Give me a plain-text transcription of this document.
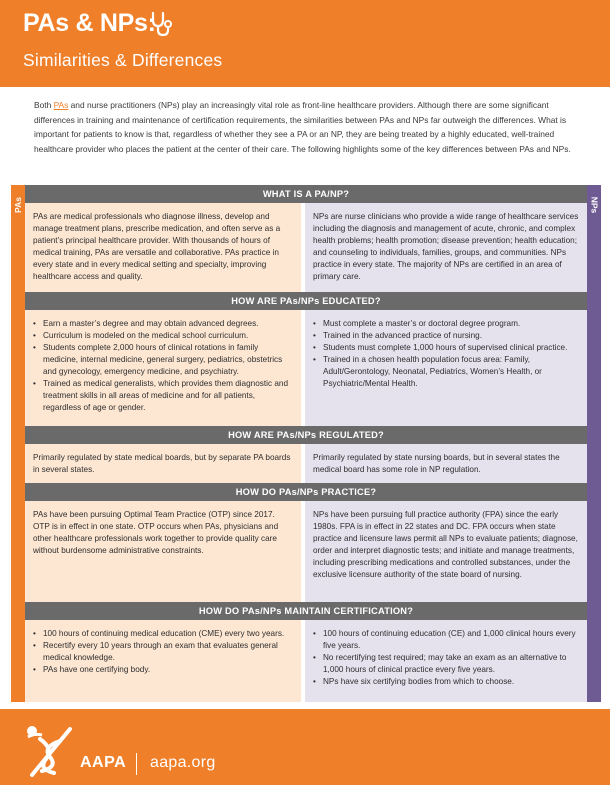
PAs & NPs:
Similarities & Differences

Both PAs and nurse practitioners (NPs) play an increasingly vital role as front-line healthcare providers. Although there are some significant differences in training and maintenance of certification requirements, the similarities between PAs and NPs far outweigh the differences. What is important for patients to know is that, regardless of whether they see a PA or an NP, they are being treated by a highly educated, well-trained healthcare provider who places the patient at the center of their care. The following highlights some of the key differences between PAs and NPs.

PAs	NPs
WHAT IS A PA/NP?
PAs are medical professionals who diagnose illness, develop and manage treatment plans, prescribe medication, and often serve as a patient’s principal healthcare provider. With thousands of hours of medical training, PAs are versatile and collaborative. PAs practice in every state and in every medical setting and specialty, improving healthcare access and quality.
NPs are nurse clinicians who provide a wide range of healthcare services including the diagnosis and management of acute, chronic, and complex health problems; health promotion; disease prevention; health education; and counseling to individuals, families, groups, and communities. NPs practice in every state. The majority of NPs are certified in an area of primary care.
HOW ARE PAs/NPs EDUCATED?
• Earn a master’s degree and may obtain advanced degrees.
• Curriculum is modeled on the medical school curriculum.
• Students complete 2,000 hours of clinical rotations in family medicine, internal medicine, general surgery, pediatrics, obstetrics and gynecology, emergency medicine, and psychiatry.
• Trained as medical generalists, which provides them diagnostic and treatment skills in all areas of medicine and for all patients, regardless of age or gender.
• Must complete a master’s or doctoral degree program.
• Trained in the advanced practice of nursing.
• Students must complete 1,000 hours of supervised clinical practice.
• Trained in a chosen health population focus area: Family, Adult/Gerontology, Neonatal, Pediatrics, Women’s Health, or Psychiatric/Mental Health.
HOW ARE PAs/NPs REGULATED?
Primarily regulated by state medical boards, but by separate PA boards in several states.
Primarily regulated by state nursing boards, but in several states the medical board has some role in NP regulation.
HOW DO PAs/NPs PRACTICE?
PAs have been pursuing Optimal Team Practice (OTP) since 2017. OTP is in effect in one state. OTP occurs when PAs, physicians and other healthcare professionals work together to provide quality care without burdensome administrative constraints.
NPs have been pursuing full practice authority (FPA) since the early 1980s. FPA is in effect in 22 states and DC. FPA occurs when state practice and licensure laws permit all NPs to evaluate patients; diagnose, order and interpret diagnostic tests; and initiate and manage treatments, including prescribing medications and controlled substances, under the exclusive licensure authority of the state board of nursing.
HOW DO PAs/NPs MAINTAIN CERTIFICATION?
• 100 hours of continuing medical education (CME) every two years.
• Recertify every 10 years through an exam that evaluates general medical knowledge.
• PAs have one certifying body.
• 100 hours of continuing education (CE) and 1,000 clinical hours every five years.
• No recertifying test required; may take an exam as an alternative to 1,000 hours of clinical practice every five years.
• NPs have six certifying bodies from which to choose.
AAPA aapa.org
